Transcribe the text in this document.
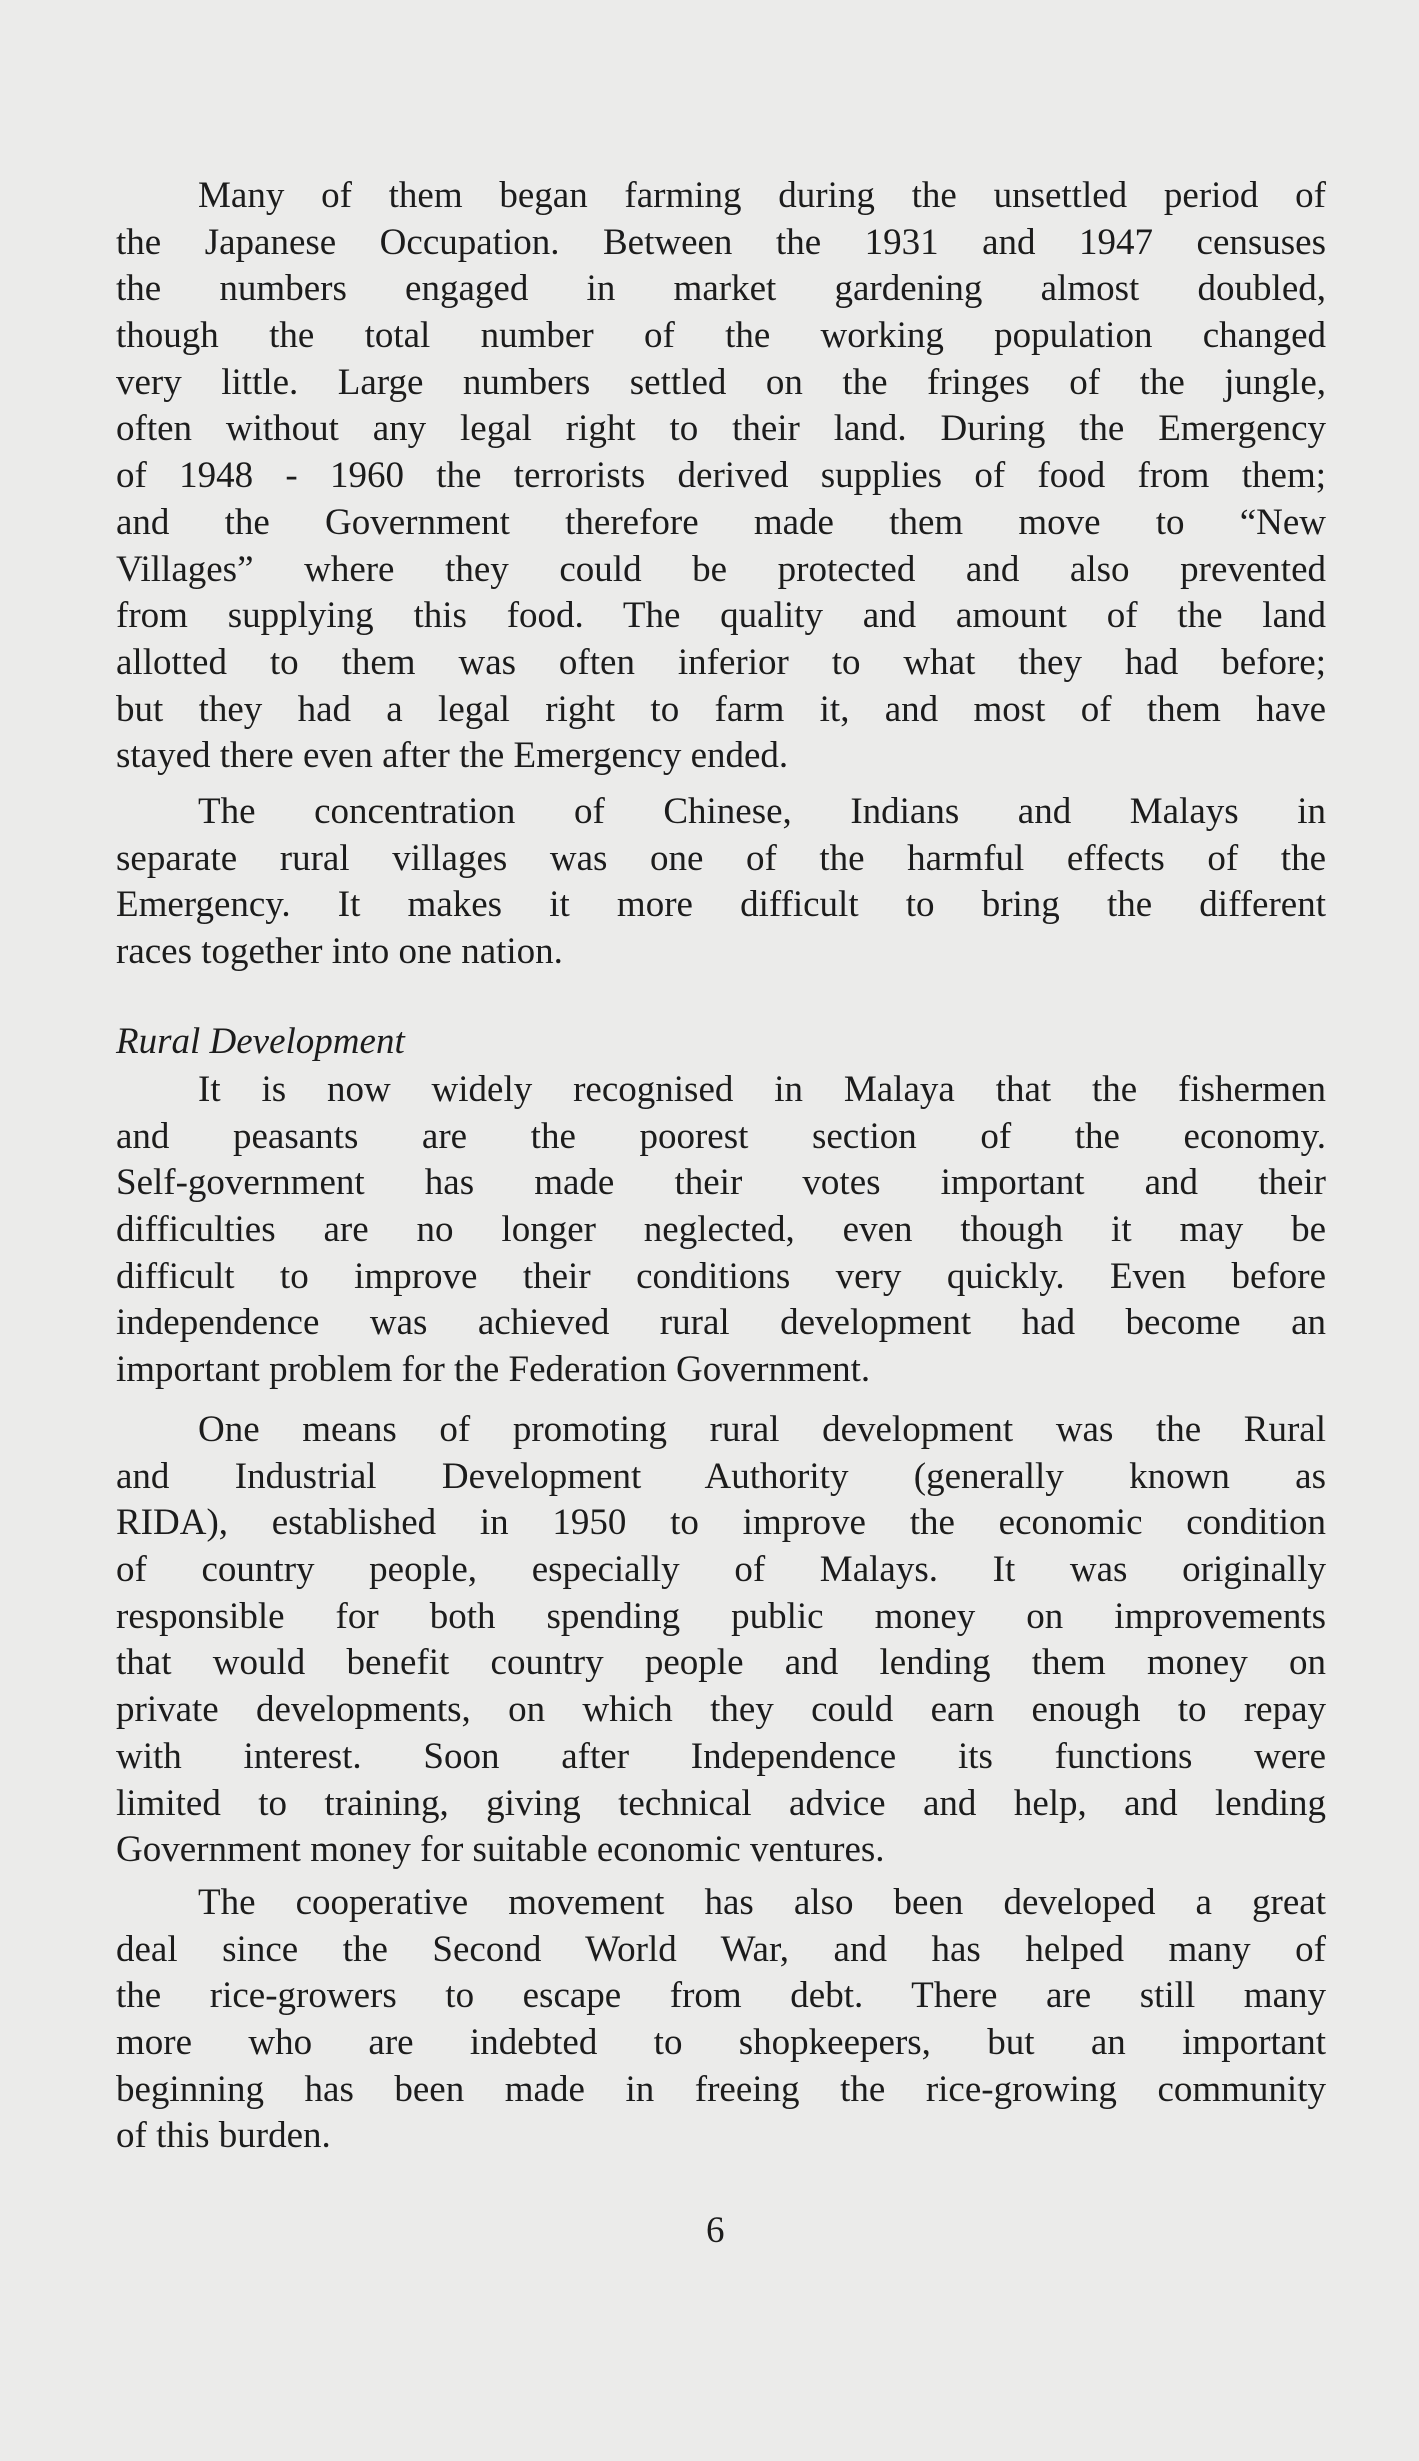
Many of them began farming during the unsettled period of
the Japanese Occupation. Between the 1931 and 1947 censuses
the numbers engaged in market gardening almost doubled,
though the total number of the working population changed
very little. Large numbers settled on the fringes of the jungle,
often without any legal right to their land. During the Emergency
of 1948 - 1960 the terrorists derived supplies of food from them;
and the Government therefore made them move to “New
Villages” where they could be protected and also prevented
from supplying this food. The quality and amount of the land
allotted to them was often inferior to what they had before;
but they had a legal right to farm it, and most of them have
stayed there even after the Emergency ended.
The concentration of Chinese, Indians and Malays in
separate rural villages was one of the harmful effects of the
Emergency. It makes it more difficult to bring the different
races together into one nation.
Rural Development
It is now widely recognised in Malaya that the fishermen
and peasants are the poorest section of the economy.
Self-government has made their votes important and their
difficulties are no longer neglected, even though it may be
difficult to improve their conditions very quickly. Even before
independence was achieved rural development had become an
important problem for the Federation Government.
One means of promoting rural development was the Rural
and Industrial Development Authority (generally known as
RIDA), established in 1950 to improve the economic condition
of country people, especially of Malays. It was originally
responsible for both spending public money on improvements
that would benefit country people and lending them money on
private developments, on which they could earn enough to repay
with interest. Soon after Independence its functions were
limited to training, giving technical advice and help, and lending
Government money for suitable economic ventures.
The cooperative movement has also been developed a great
deal since the Second World War, and has helped many of
the rice-growers to escape from debt. There are still many
more who are indebted to shopkeepers, but an important
beginning has been made in freeing the rice-growing community
of this burden.
6
